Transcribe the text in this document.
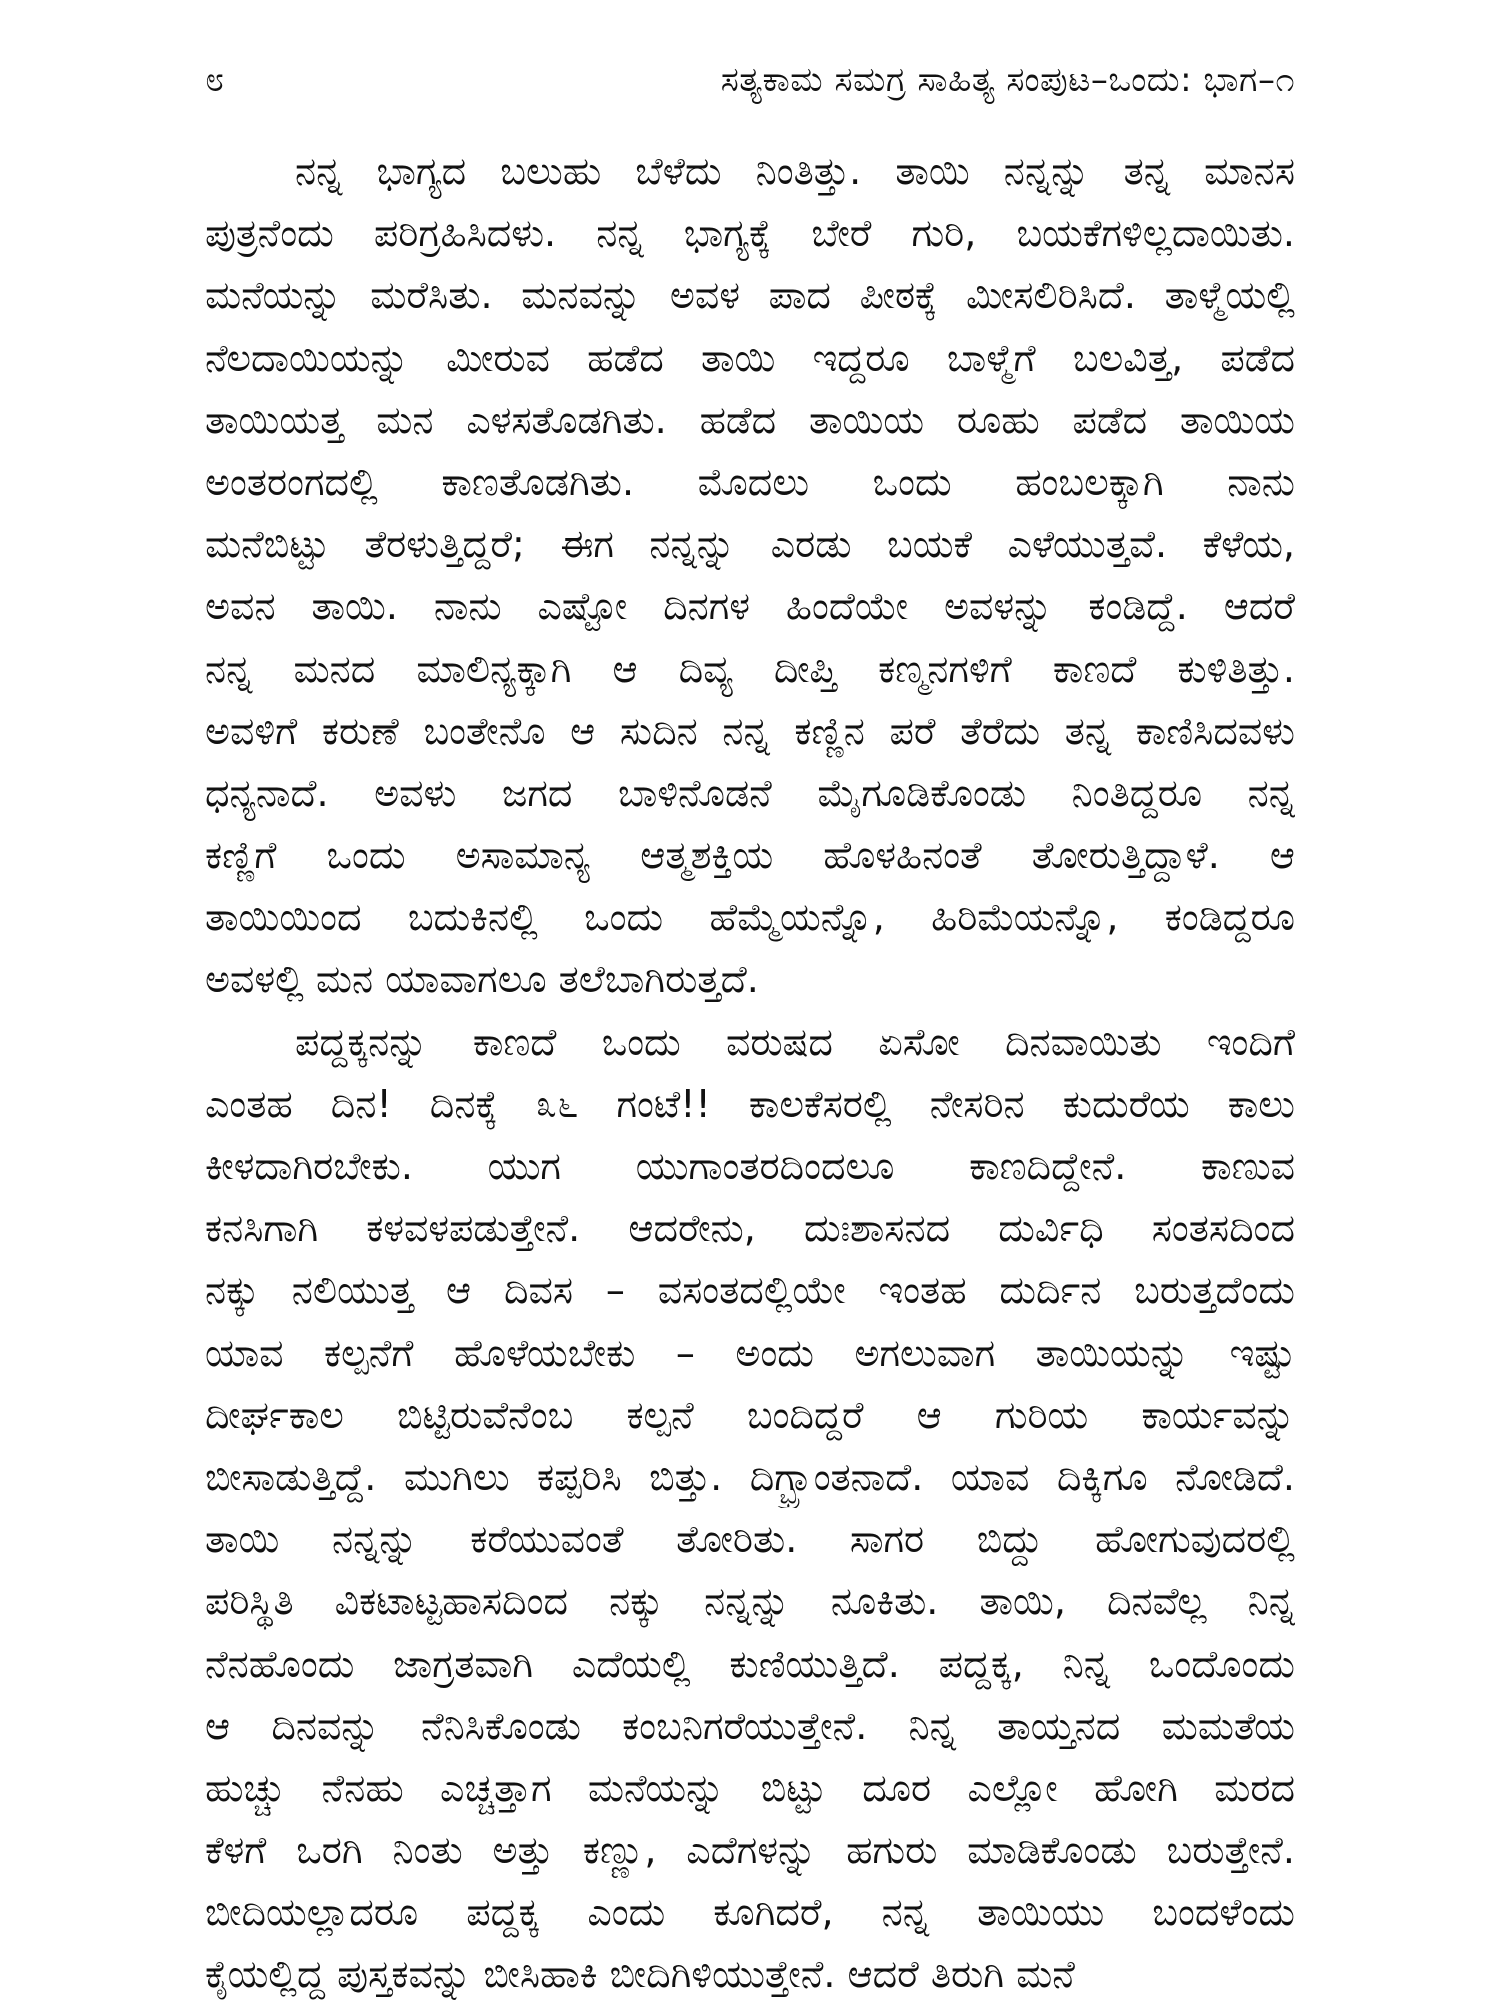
೮	ಸತ್ಯಕಾಮ ಸಮಗ್ರ ಸಾಹಿತ್ಯ ಸಂಪುಟ–ಒಂದು: ಭಾಗ–೧
ನನ್ನ ಭಾಗ್ಯದ ಬಲುಹು ಬೆಳೆದು ನಿಂತಿತ್ತು. ತಾಯಿ ನನ್ನನ್ನು ತನ್ನ ಮಾನಸ
ಪುತ್ರನೆಂದು ಪರಿಗ್ರಹಿಸಿದಳು. ನನ್ನ ಭಾಗ್ಯಕ್ಕೆ ಬೇರೆ ಗುರಿ, ಬಯಕೆಗಳಿಲ್ಲದಾಯಿತು.
ಮನೆಯನ್ನು ಮರೆಸಿತು. ಮನವನ್ನು ಅವಳ ಪಾದ ಪೀಠಕ್ಕೆ ಮೀಸಲಿರಿಸಿದೆ. ತಾಳ್ಮೆಯಲ್ಲಿ
ನೆಲದಾಯಿಯನ್ನು ಮೀರುವ ಹಡೆದ ತಾಯಿ ಇದ್ದರೂ ಬಾಳ್ಮೆಗೆ ಬಲವಿತ್ತ, ಪಡೆದ
ತಾಯಿಯತ್ತ ಮನ ಎಳಸತೊಡಗಿತು. ಹಡೆದ ತಾಯಿಯ ರೂಹು ಪಡೆದ ತಾಯಿಯ
ಅಂತರಂಗದಲ್ಲಿ ಕಾಣತೊಡಗಿತು. ಮೊದಲು ಒಂದು ಹಂಬಲಕ್ಕಾಗಿ ನಾನು
ಮನೆಬಿಟ್ಟು ತೆರಳುತ್ತಿದ್ದರೆ; ಈಗ ನನ್ನನ್ನು ಎರಡು ಬಯಕೆ ಎಳೆಯುತ್ತವೆ. ಕೆಳೆಯ,
ಅವನ ತಾಯಿ. ನಾನು ಎಷ್ಟೋ ದಿನಗಳ ಹಿಂದೆಯೇ ಅವಳನ್ನು ಕಂಡಿದ್ದೆ. ಆದರೆ
ನನ್ನ ಮನದ ಮಾಲಿನ್ಯಕ್ಕಾಗಿ ಆ ದಿವ್ಯ ದೀಪ್ತಿ ಕಣ್ಮನಗಳಿಗೆ ಕಾಣದೆ ಕುಳಿತಿತ್ತು.
ಅವಳಿಗೆ ಕರುಣೆ ಬಂತೇನೊ ಆ ಸುದಿನ ನನ್ನ ಕಣ್ಣಿನ ಪರೆ ತೆರೆದು ತನ್ನ ಕಾಣಿಸಿದವಳು
ಧನ್ಯನಾದೆ. ಅವಳು ಜಗದ ಬಾಳಿನೊಡನೆ ಮೈಗೂಡಿಕೊಂಡು ನಿಂತಿದ್ದರೂ ನನ್ನ
ಕಣ್ಣಿಗೆ ಒಂದು ಅಸಾಮಾನ್ಯ ಆತ್ಮಶಕ್ತಿಯ ಹೊಳಹಿನಂತೆ ತೋರುತ್ತಿದ್ದಾಳೆ. ಆ
ತಾಯಿಯಿಂದ ಬದುಕಿನಲ್ಲಿ ಒಂದು ಹೆಮ್ಮೆಯನ್ನೊ, ಹಿರಿಮೆಯನ್ನೊ, ಕಂಡಿದ್ದರೂ
ಅವಳಲ್ಲಿ ಮನ ಯಾವಾಗಲೂ ತಲೆಬಾಗಿರುತ್ತದೆ.
ಪದ್ದಕ್ಕನನ್ನು ಕಾಣದೆ ಒಂದು ವರುಷದ ಏಸೋ ದಿನವಾಯಿತು ಇಂದಿಗೆ
ಎಂತಹ ದಿನ! ದಿನಕ್ಕೆ ೩೬ ಗಂಟೆ!! ಕಾಲಕೆಸರಲ್ಲಿ ನೇಸರಿನ ಕುದುರೆಯ ಕಾಲು
ಕೀಳದಾಗಿರಬೇಕು. ಯುಗ ಯುಗಾಂತರದಿಂದಲೂ ಕಾಣದಿದ್ದೇನೆ. ಕಾಣುವ
ಕನಸಿಗಾಗಿ ಕಳವಳಪಡುತ್ತೇನೆ. ಆದರೇನು, ದುಃಶಾಸನದ ದುರ್ವಿಧಿ ಸಂತಸದಿಂದ
ನಕ್ಕು ನಲಿಯುತ್ತ ಆ ದಿವಸ – ವಸಂತದಲ್ಲಿಯೇ ಇಂತಹ ದುರ್ದಿನ ಬರುತ್ತದೆಂದು
ಯಾವ ಕಲ್ಪನೆಗೆ ಹೊಳೆಯಬೇಕು – ಅಂದು ಅಗಲುವಾಗ ತಾಯಿಯನ್ನು ಇಷ್ಟು
ದೀರ್ಘಕಾಲ ಬಿಟ್ಟಿರುವೆನೆಂಬ ಕಲ್ಪನೆ ಬಂದಿದ್ದರೆ ಆ ಗುರಿಯ ಕಾರ್ಯವನ್ನು
ಬೀಸಾಡುತ್ತಿದ್ದೆ. ಮುಗಿಲು ಕಪ್ಪರಿಸಿ ಬಿತ್ತು. ದಿಗ್ಭ್ರಾಂತನಾದೆ. ಯಾವ ದಿಕ್ಕಿಗೂ ನೋಡಿದೆ.
ತಾಯಿ ನನ್ನನ್ನು ಕರೆಯುವಂತೆ ತೋರಿತು. ಸಾಗರ ಬಿದ್ದು ಹೋಗುವುದರಲ್ಲಿ
ಪರಿಸ್ಥಿತಿ ವಿಕಟಾಟ್ಟಹಾಸದಿಂದ ನಕ್ಕು ನನ್ನನ್ನು ನೂಕಿತು. ತಾಯಿ, ದಿನವೆಲ್ಲ ನಿನ್ನ
ನೆನಹೊಂದು ಜಾಗ್ರತವಾಗಿ ಎದೆಯಲ್ಲಿ ಕುಣಿಯುತ್ತಿದೆ. ಪದ್ದಕ್ಕ, ನಿನ್ನ ಒಂದೊಂದು
ಆ ದಿನವನ್ನು ನೆನಿಸಿಕೊಂಡು ಕಂಬನಿಗರೆಯುತ್ತೇನೆ. ನಿನ್ನ ತಾಯ್ತನದ ಮಮತೆಯ
ಹುಚ್ಚು ನೆನಹು ಎಚ್ಚತ್ತಾಗ ಮನೆಯನ್ನು ಬಿಟ್ಟು ದೂರ ಎಲ್ಲೋ ಹೋಗಿ ಮರದ
ಕೆಳಗೆ ಒರಗಿ ನಿಂತು ಅತ್ತು ಕಣ್ಣು, ಎದೆಗಳನ್ನು ಹಗುರು ಮಾಡಿಕೊಂಡು ಬರುತ್ತೇನೆ.
ಬೀದಿಯಲ್ಲಾದರೂ ಪದ್ದಕ್ಕ ಎಂದು ಕೂಗಿದರೆ, ನನ್ನ ತಾಯಿಯು ಬಂದಳೆಂದು
ಕೈಯಲ್ಲಿದ್ದ ಪುಸ್ತಕವನ್ನು ಬೀಸಿಹಾಕಿ ಬೀದಿಗಿಳಿಯುತ್ತೇನೆ. ಆದರೆ ತಿರುಗಿ ಮನೆ
